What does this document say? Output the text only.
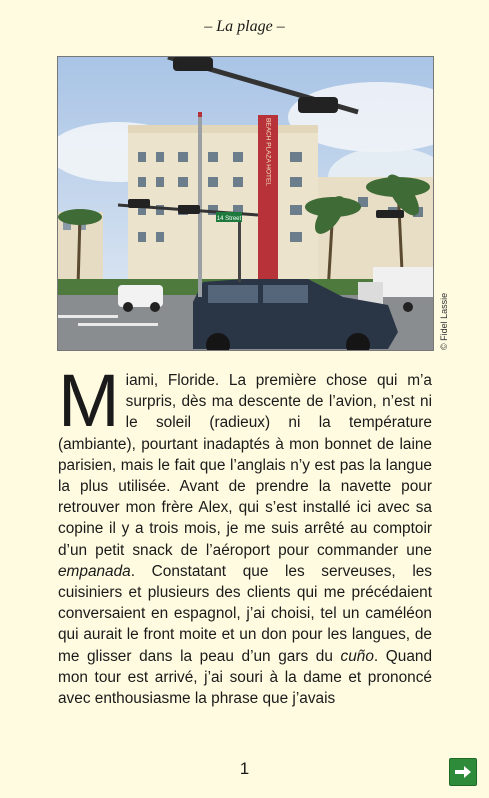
– La plage –
BEACH PLAZA HOTEL
14 Street
© Fidel Lassie
Miami, Floride. La première chose qui m’a surpris, dès ma descente de l’avion, n’est ni le soleil (radieux) ni la température (ambiante), pourtant inadaptés à mon bonnet de laine parisien, mais le fait que l’anglais n’y est pas la langue la plus utilisée. Avant de prendre la navette pour retrouver mon frère Alex, qui s’est installé ici avec sa copine il y a trois mois, je me suis arrêté au comptoir d’un petit snack de l’aéroport pour commander une empanada. Constatant que les serveuses, les cuisiniers et plusieurs des clients qui me précédaient conversaient en espagnol, j’ai choisi, tel un caméléon qui aurait le front moite et un don pour les langues, de me glisser dans la peau d’un gars du cuño. Quand mon tour est arrivé, j’ai souri à la dame et prononcé avec enthousiasme la phrase que j’avais
1
